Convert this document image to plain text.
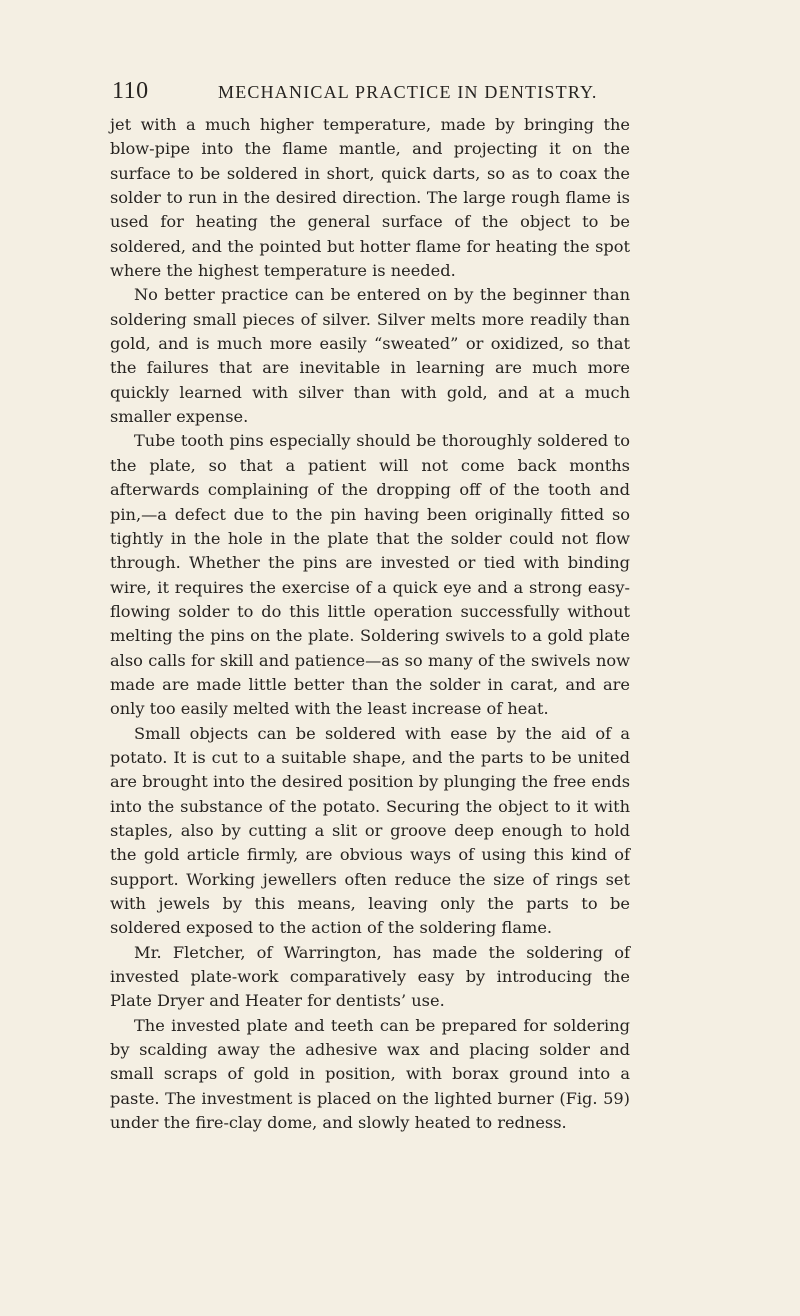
110	MECHANICAL PRACTICE IN DENTISTRY.

jet with a much higher temperature, made by bringing the blow-pipe into the flame mantle, and projecting it on the surface to be soldered in short, quick darts, so as to coax the solder to run in the desired direction. The large rough flame is used for heating the general surface of the object to be soldered, and the pointed but hotter flame for heating the spot where the highest temperature is needed.

No better practice can be entered on by the beginner than soldering small pieces of silver. Silver melts more readily than gold, and is much more easily “sweated” or oxidized, so that the failures that are inevitable in learning are much more quickly learned with silver than with gold, and at a much smaller expense.

Tube tooth pins especially should be thoroughly soldered to the plate, so that a patient will not come back months afterwards complaining of the dropping off of the tooth and pin,—a defect due to the pin having been originally fitted so tightly in the hole in the plate that the solder could not flow through. Whether the pins are invested or tied with binding wire, it requires the exercise of a quick eye and a strong easy-flowing solder to do this little operation successfully without melting the pins on the plate. Soldering swivels to a gold plate also calls for skill and patience—as so many of the swivels now made are made little better than the solder in carat, and are only too easily melted with the least increase of heat.

Small objects can be soldered with ease by the aid of a potato. It is cut to a suitable shape, and the parts to be united are brought into the desired position by plunging the free ends into the substance of the potato. Securing the object to it with staples, also by cutting a slit or groove deep enough to hold the gold article firmly, are obvious ways of using this kind of support. Working jewellers often reduce the size of rings set with jewels by this means, leaving only the parts to be soldered exposed to the action of the soldering flame.

Mr. Fletcher, of Warrington, has made the soldering of invested plate-work comparatively easy by introducing the Plate Dryer and Heater for dentists’ use.

The invested plate and teeth can be prepared for soldering by scalding away the adhesive wax and placing solder and small scraps of gold in position, with borax ground into a paste. The investment is placed on the lighted burner (Fig. 59) under the fire-clay dome, and slowly heated to redness.
